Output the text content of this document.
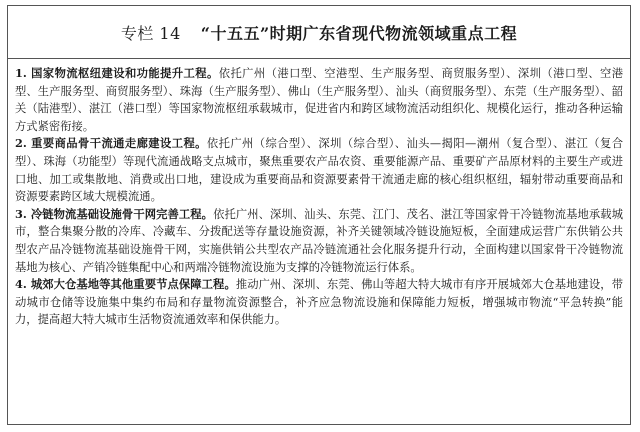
专栏 14 “十五五”时期广东省现代物流领域重点工程

1. 国家物流枢纽建设和功能提升工程。依托广州（港口型、空港型、生产服务型、商贸服务型）、深圳（港口型、空港型、生产服务型、商贸服务型）、珠海（生产服务型）、佛山（生产服务型）、汕头（商贸服务型）、东莞（生产服务型）、韶关（陆港型）、湛江（港口型）等国家物流枢纽承载城市，促进省内和跨区域物流活动组织化、规模化运行，推动各种运输方式紧密衔接。

2. 重要商品骨干流通走廊建设工程。依托广州（综合型）、深圳（综合型）、汕头—揭阳—潮州（复合型）、湛江（复合型）、珠海（功能型）等现代流通战略支点城市，聚焦重要农产品农资、重要能源产品、重要矿产品原材料的主要生产或进口地、加工或集散地、消费或出口地，建设成为重要商品和资源要素骨干流通走廊的核心组织枢纽，辐射带动重要商品和资源要素跨区域大规模流通。

3. 冷链物流基础设施骨干网完善工程。依托广州、深圳、汕头、东莞、江门、茂名、湛江等国家骨干冷链物流基地承载城市，整合集聚分散的冷库、冷藏车、分拨配送等存量设施资源，补齐关键领域冷链设施短板，全面建成运营广东供销公共型农产品冷链物流基础设施骨干网，实施供销公共型农产品冷链流通社会化服务提升行动，全面构建以国家骨干冷链物流基地为核心、产销冷链集配中心和两端冷链物流设施为支撑的冷链物流运行体系。

4. 城郊大仓基地等其他重要节点保障工程。推动广州、深圳、东莞、佛山等超大特大城市有序开展城郊大仓基地建设，带动城市仓储等设施集中集约布局和存量物流资源整合，补齐应急物流设施和保障能力短板，增强城市物流“平急转换”能力，提高超大特大城市生活物资流通效率和保供能力。
